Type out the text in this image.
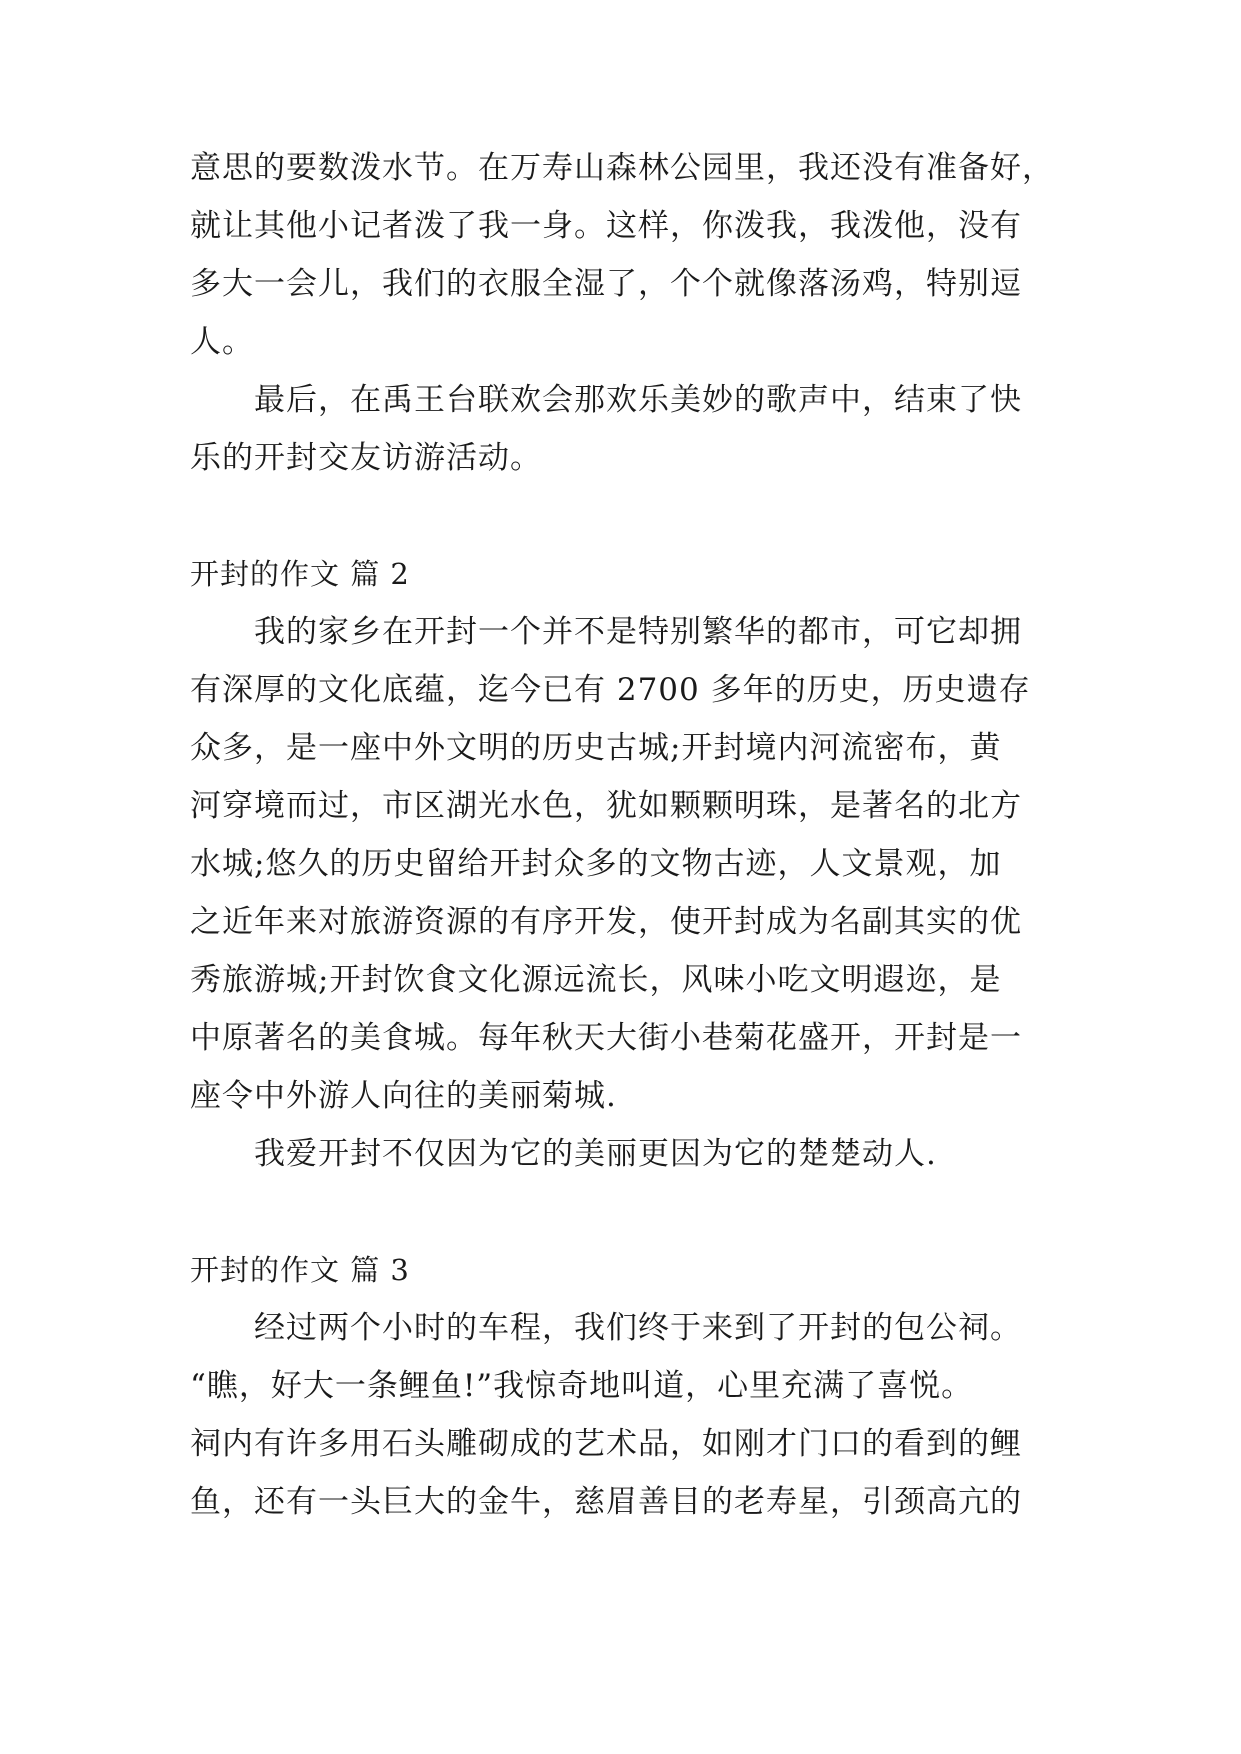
意思的要数泼水节。在万寿山森林公园里，我还没有准备好，
就让其他小记者泼了我一身。这样，你泼我，我泼他，没有
多大一会儿，我们的衣服全湿了，个个就像落汤鸡，特别逗
人。
　　最后，在禹王台联欢会那欢乐美妙的歌声中，结束了快
乐的开封交友访游活动。
开封的作文 篇 2
　　我的家乡在开封一个并不是特别繁华的都市，可它却拥
有深厚的文化底蕴，迄今已有 2700 多年的历史，历史遗存
众多，是一座中外文明的历史古城;开封境内河流密布，黄
河穿境而过，市区湖光水色，犹如颗颗明珠，是著名的北方
水城;悠久的历史留给开封众多的文物古迹，人文景观，加
之近年来对旅游资源的有序开发，使开封成为名副其实的优
秀旅游城;开封饮食文化源远流长，风味小吃文明遐迩，是
中原著名的美食城。每年秋天大街小巷菊花盛开，开封是一
座令中外游人向往的美丽菊城.
　　我爱开封不仅因为它的美丽更因为它的楚楚动人.
开封的作文 篇 3
　　经过两个小时的车程，我们终于来到了开封的包公祠。
“瞧，好大一条鲤鱼!”我惊奇地叫道，心里充满了喜悦。
祠内有许多用石头雕砌成的艺术品，如刚才门口的看到的鲤
鱼，还有一头巨大的金牛，慈眉善目的老寿星，引颈高亢的
